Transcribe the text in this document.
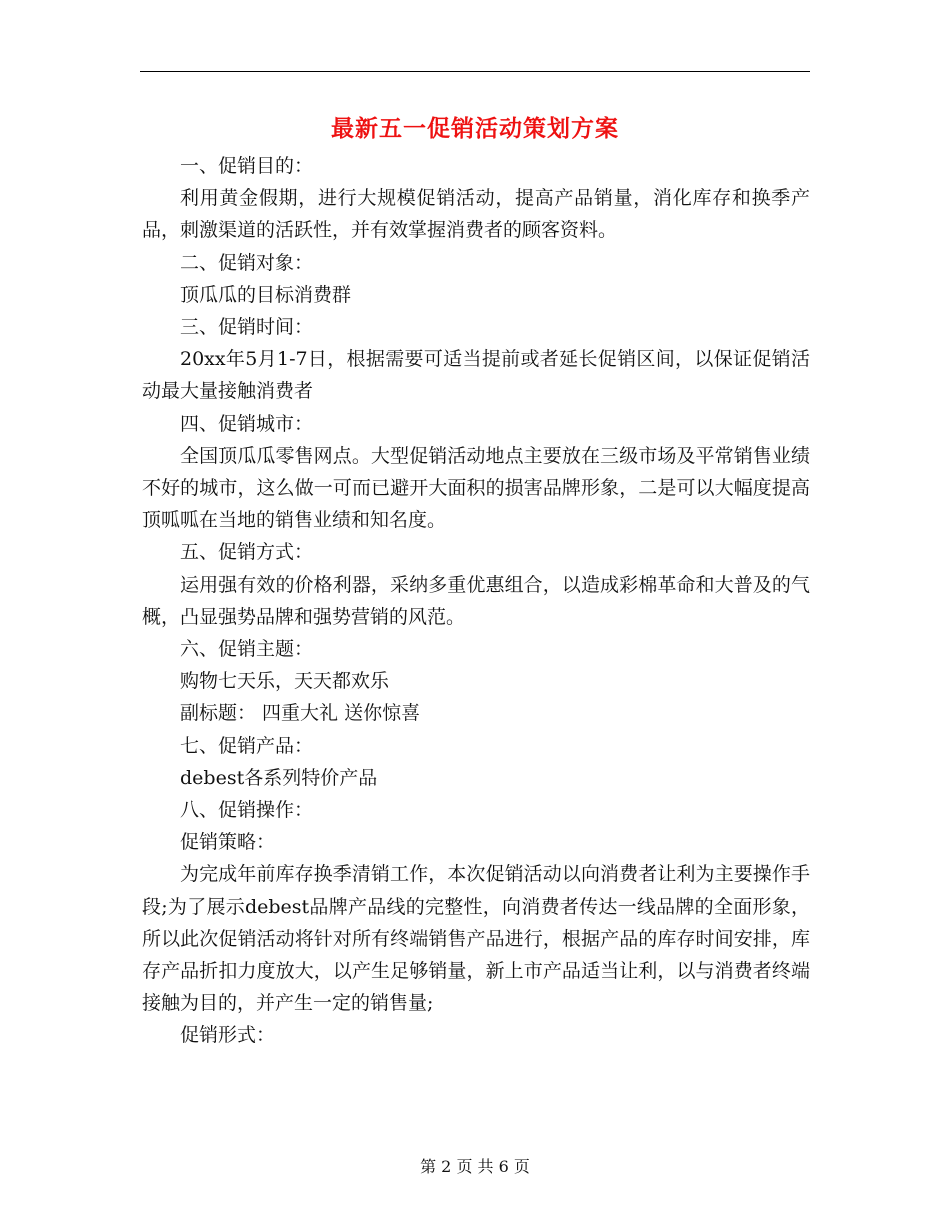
最新五一促销活动策划方案

一、促销目的：

利用黄金假期，进行大规模促销活动，提高产品销量，消化库存和换季产品，刺激渠道的活跃性，并有效掌握消费者的顾客资料。

二、促销对象：

顶瓜瓜的目标消费群

三、促销时间：

20xx年5月1-7日，根据需要可适当提前或者延长促销区间，以保证促销活动最大量接触消费者

四、促销城市：

全国顶瓜瓜零售网点。大型促销活动地点主要放在三级市场及平常销售业绩不好的城市，这么做一可而已避开大面积的损害品牌形象，二是可以大幅度提高顶呱呱在当地的销售业绩和知名度。

五、促销方式：

运用强有效的价格利器，采纳多重优惠组合，以造成彩棉革命和大普及的气概，凸显强势品牌和强势营销的风范。

六、促销主题：

购物七天乐，天天都欢乐

副标题： 四重大礼 送你惊喜

七、促销产品：

debest各系列特价产品

八、促销操作：

促销策略：

为完成年前库存换季清销工作，本次促销活动以向消费者让利为主要操作手段;为了展示debest品牌产品线的完整性，向消费者传达一线品牌的全面形象，所以此次促销活动将针对所有终端销售产品进行，根据产品的库存时间安排，库存产品折扣力度放大，以产生足够销量，新上市产品适当让利，以与消费者终端接触为目的，并产生一定的销售量;

促销形式：

第 2 页 共 6 页
